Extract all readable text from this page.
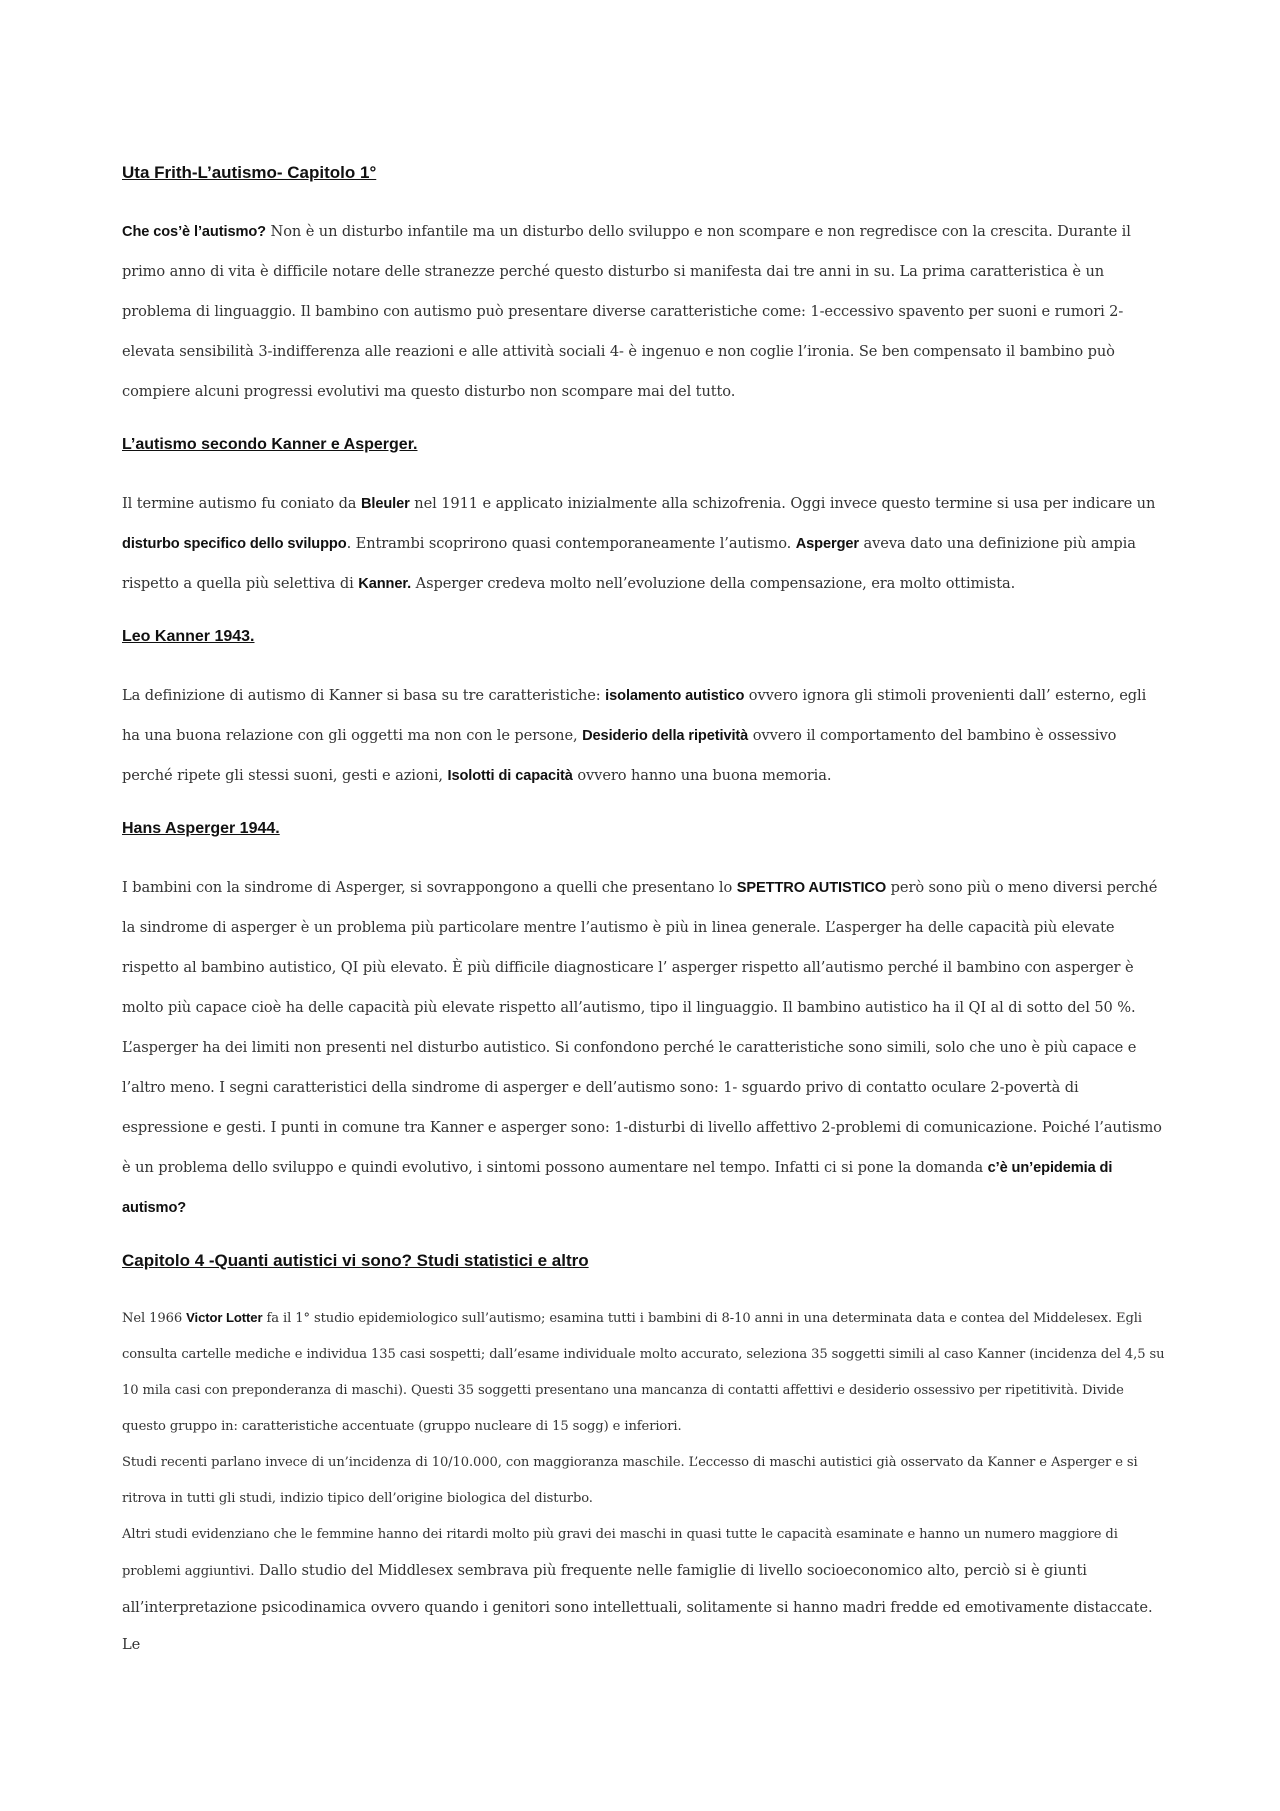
Uta Frith-L’autismo- Capitolo 1°

Che cos’è l’autismo? Non è un disturbo infantile ma un disturbo dello sviluppo e non scompare e non regredisce con la crescita. Durante il primo anno di vita è difficile notare delle stranezze perché questo disturbo si manifesta dai tre anni in su. La prima caratteristica è un problema di linguaggio. Il bambino con autismo può presentare diverse caratteristiche come: 1-eccessivo spavento per suoni e rumori 2- elevata sensibilità 3-indifferenza alle reazioni e alle attività sociali 4- è ingenuo e non coglie l’ironia. Se ben compensato il bambino può compiere alcuni progressi evolutivi ma questo disturbo non scompare mai del tutto.

L’autismo secondo Kanner e Asperger.

Il termine autismo fu coniato da Bleuler nel 1911 e applicato inizialmente alla schizofrenia. Oggi invece questo termine si usa per indicare un disturbo specifico dello sviluppo. Entrambi scoprirono quasi contemporaneamente l’autismo. Asperger aveva dato una definizione più ampia rispetto a quella più selettiva di Kanner. Asperger credeva molto nell’evoluzione della compensazione, era molto ottimista.

Leo Kanner 1943.

La definizione di autismo di Kanner si basa su tre caratteristiche: isolamento autistico ovvero ignora gli stimoli provenienti dall’ esterno, egli ha una buona relazione con gli oggetti ma non con le persone, Desiderio della ripetività ovvero il comportamento del bambino è ossessivo perché ripete gli stessi suoni, gesti e azioni, Isolotti di capacità ovvero hanno una buona memoria.

Hans Asperger 1944.

I bambini con la sindrome di Asperger, si sovrappongono a quelli che presentano lo SPETTRO AUTISTICO però sono più o meno diversi perché la sindrome di asperger è un problema più particolare mentre l’autismo è più in linea generale. L’asperger ha delle capacità più elevate rispetto al bambino autistico, QI più elevato. È più difficile diagnosticare l’ asperger rispetto all’autismo perché il bambino con asperger è molto più capace cioè ha delle capacità più elevate rispetto all’autismo, tipo il linguaggio. Il bambino autistico ha il QI al di sotto del 50 %. L’asperger ha dei limiti non presenti nel disturbo autistico. Si confondono perché le caratteristiche sono simili, solo che uno è più capace e l’altro meno. I segni caratteristici della sindrome di asperger e dell’autismo sono: 1- sguardo privo di contatto oculare 2-povertà di espressione e gesti. I punti in comune tra Kanner e asperger sono: 1-disturbi di livello affettivo 2-problemi di comunicazione. Poiché l’autismo è un problema dello sviluppo e quindi evolutivo, i sintomi possono aumentare nel tempo. Infatti ci si pone la domanda c’è un’epidemia di autismo?

Capitolo 4 -Quanti autistici vi sono? Studi statistici e altro

Nel 1966 Victor Lotter fa il 1° studio epidemiologico sull’autismo; esamina tutti i bambini di 8-10 anni in una determinata data e contea del Middelesex. Egli consulta cartelle mediche e individua 135 casi sospetti; dall’esame individuale molto accurato, seleziona 35 soggetti simili al caso Kanner (incidenza del 4,5 su 10 mila casi con preponderanza di maschi). Questi 35 soggetti presentano una mancanza di contatti affettivi e desiderio ossessivo per ripetitività. Divide questo gruppo in: caratteristiche accentuate (gruppo nucleare di 15 sogg) e inferiori.

Studi recenti parlano invece di un’incidenza di 10/10.000, con maggioranza maschile. L’eccesso di maschi autistici già osservato da Kanner e Asperger e si ritrova in tutti gli studi, indizio tipico dell’origine biologica del disturbo.

Altri studi evidenziano che le femmine hanno dei ritardi molto più gravi dei maschi in quasi tutte le capacità esaminate e hanno un numero maggiore di problemi aggiuntivi. Dallo studio del Middlesex sembrava più frequente nelle famiglie di livello socioeconomico alto, perciò si è giunti all’interpretazione psicodinamica ovvero quando i genitori sono intellettuali, solitamente si hanno madri fredde ed emotivamente distaccate. Le
